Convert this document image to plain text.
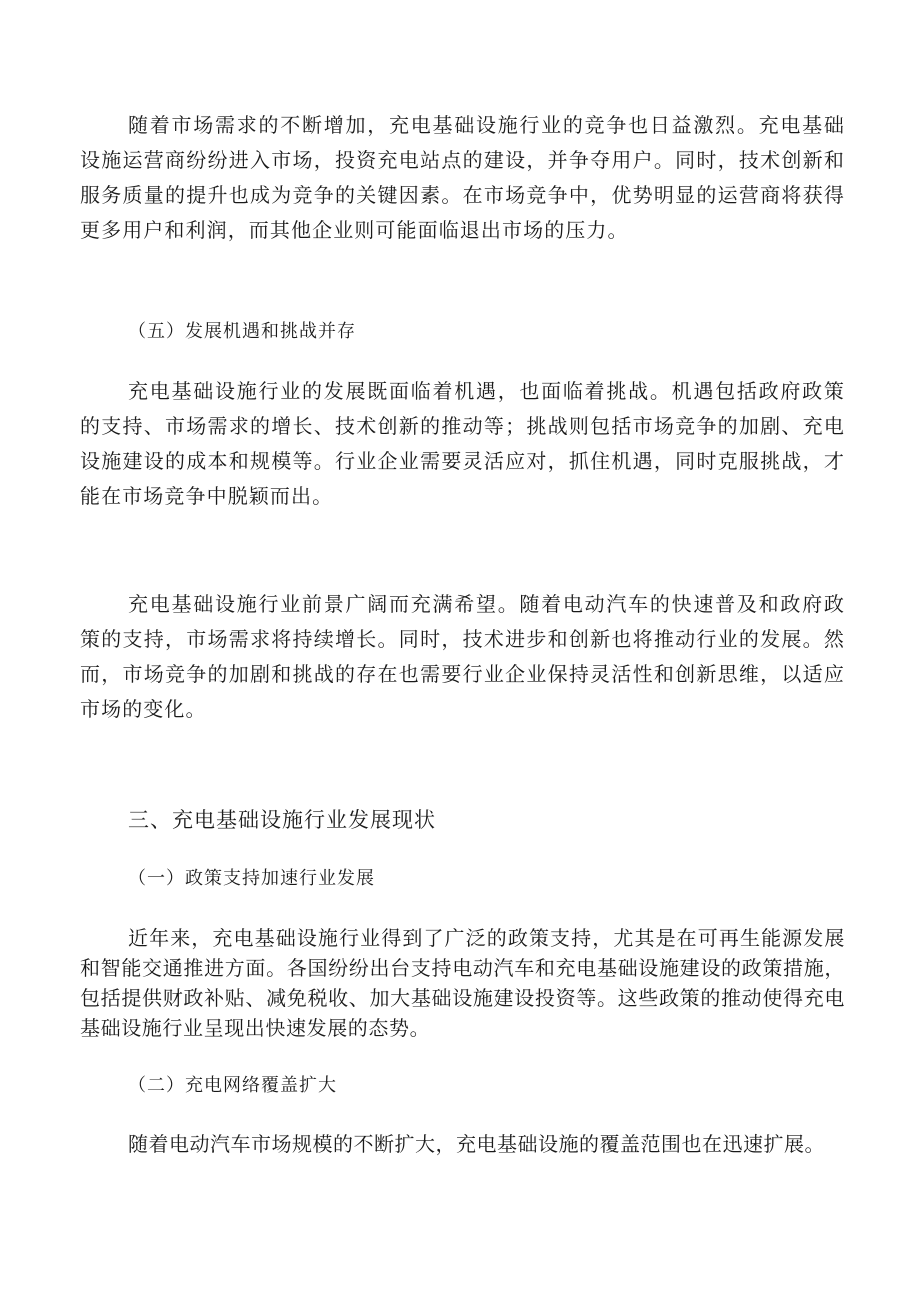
随着市场需求的不断增加，充电基础设施行业的竞争也日益激烈。充电基础设施运营商纷纷进入市场，投资充电站点的建设，并争夺用户。同时，技术创新和服务质量的提升也成为竞争的关键因素。在市场竞争中，优势明显的运营商将获得更多用户和利润，而其他企业则可能面临退出市场的压力。

（五）发展机遇和挑战并存

充电基础设施行业的发展既面临着机遇，也面临着挑战。机遇包括政府政策的支持、市场需求的增长、技术创新的推动等；挑战则包括市场竞争的加剧、充电设施建设的成本和规模等。行业企业需要灵活应对，抓住机遇，同时克服挑战，才能在市场竞争中脱颖而出。

充电基础设施行业前景广阔而充满希望。随着电动汽车的快速普及和政府政策的支持，市场需求将持续增长。同时，技术进步和创新也将推动行业的发展。然而，市场竞争的加剧和挑战的存在也需要行业企业保持灵活性和创新思维，以适应市场的变化。

三、充电基础设施行业发展现状

（一）政策支持加速行业发展

近年来，充电基础设施行业得到了广泛的政策支持，尤其是在可再生能源发展和智能交通推进方面。各国纷纷出台支持电动汽车和充电基础设施建设的政策措施，包括提供财政补贴、减免税收、加大基础设施建设投资等。这些政策的推动使得充电基础设施行业呈现出快速发展的态势。

（二）充电网络覆盖扩大

随着电动汽车市场规模的不断扩大，充电基础设施的覆盖范围也在迅速扩展。
